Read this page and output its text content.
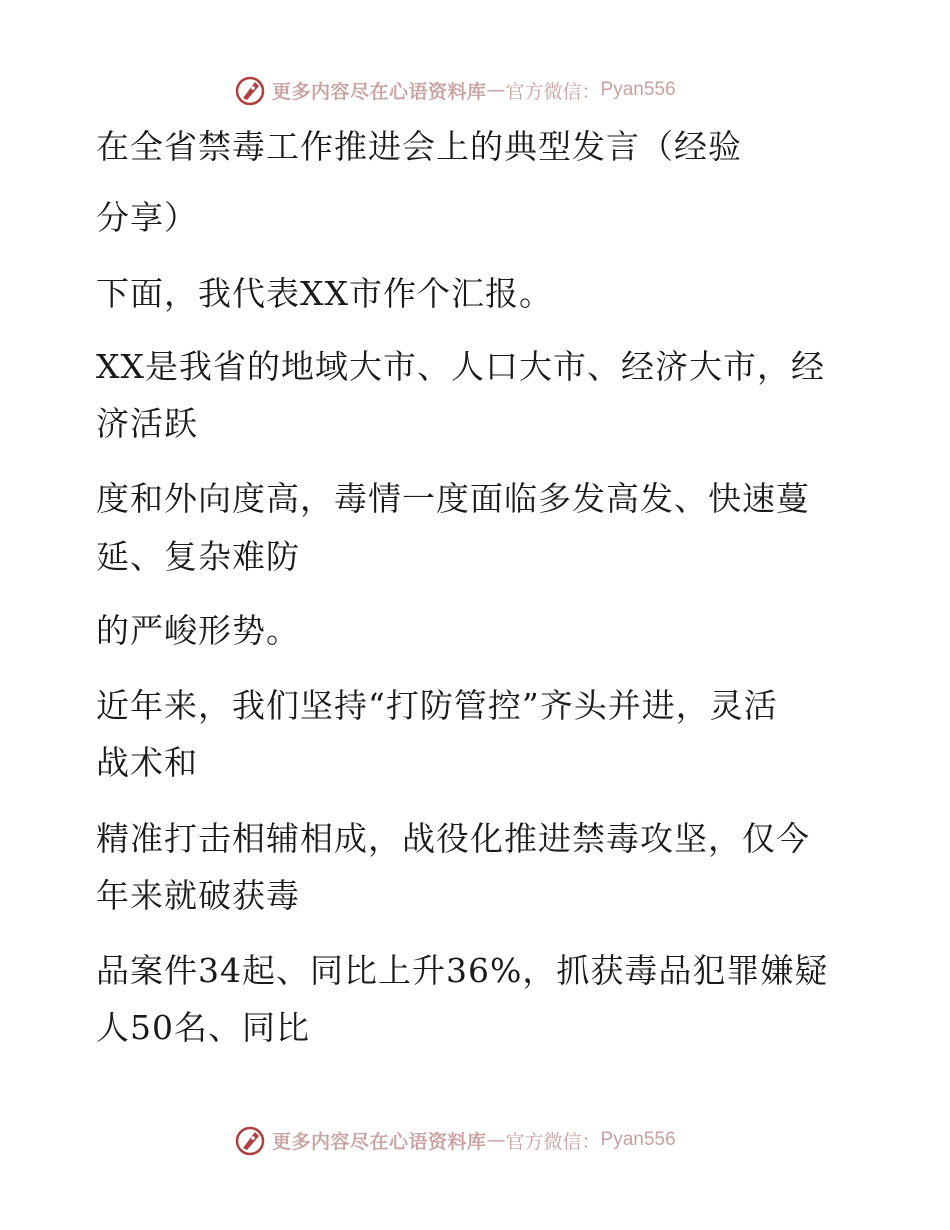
更多内容尽在心语资料库 — 官方微信： Pyan556
在全省禁毒工作推进会上的典型发言（经验
分享）
下面，我代表XX市作个汇报。
XX是我省的地域大市、人口大市、经济大市，经
济活跃
度和外向度高，毒情一度面临多发高发、快速蔓
延、复杂难防
的严峻形势。
近年来，我们坚持“打防管控”齐头并进，灵活
战术和
精准打击相辅相成，战役化推进禁毒攻坚，仅今
年来就破获毒
品案件34起、同比上升36%，抓获毒品犯罪嫌疑
人50名、同比
更多内容尽在心语资料库 — 官方微信： Pyan556
